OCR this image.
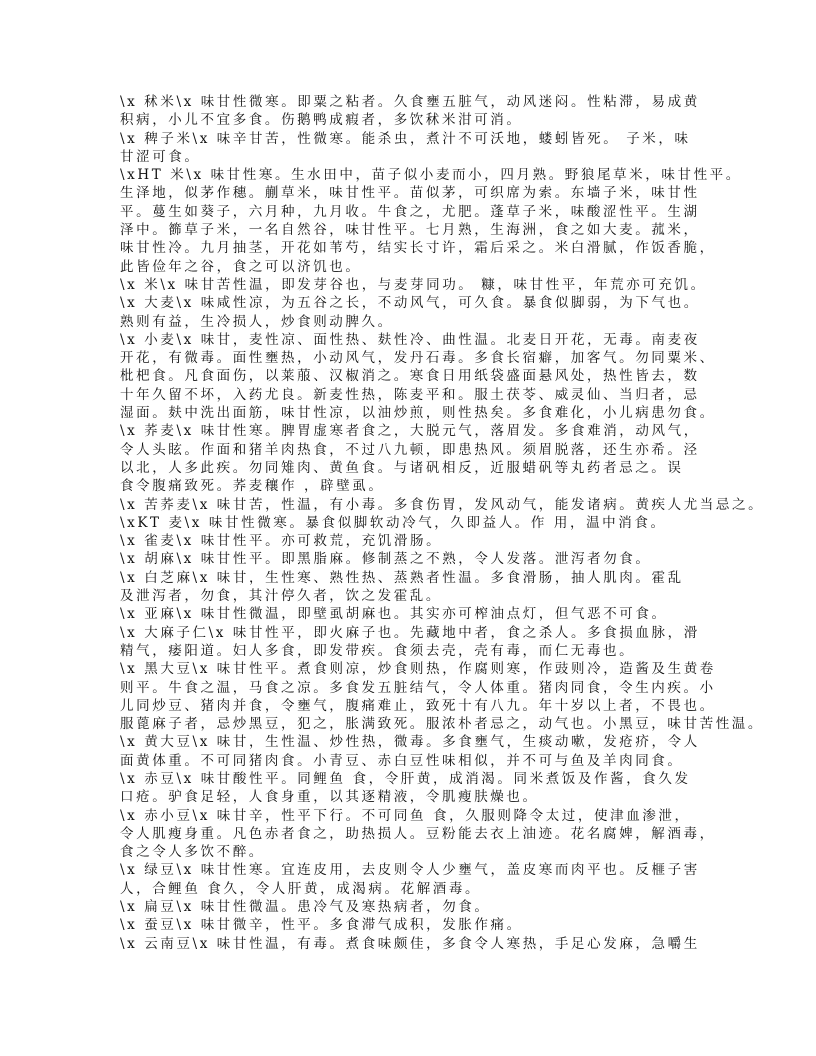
\x 秫米\x 味甘性微寒。即粟之粘者。久食壅五脏气，动风迷闷。性粘滞，易成黄
积病，小儿不宜多食。伤鹅鸭成瘕者，多饮秫米泔可消。
\x 稗子米\x 味辛甘苦，性微寒。能杀虫，煮汁不可沃地，蝼蚓皆死。 子米，味
甘涩可食。
\xHT 米\x 味甘性寒。生水田中，苗子似小麦而小，四月熟。野狼尾草米，味甘性平。
生泽地，似茅作穗。蒯草米，味甘性平。苗似茅，可织席为索。东墙子米，味甘性
平。蔓生如葵子，六月种，九月收。牛食之，尤肥。蓬草子米，味酸涩性平。生湖
泽中。籂草子米，一名自然谷，味甘性平。七月熟，生海洲，食之如大麦。菰米，
味甘性冷。九月抽茎，开花如苇芍，结实长寸许，霜后采之。米白滑腻，作饭香脆，
此皆俭年之谷，食之可以济饥也。
\x 米\x 味甘苦性温，即发芽谷也，与麦芽同功。 糠，味甘性平，年荒亦可充饥。
\x 大麦\x 味咸性凉，为五谷之长，不动风气，可久食。暴食似脚弱，为下气也。
熟则有益，生冷损人，炒食则动脾久。
\x 小麦\x 味甘，麦性凉、面性热、麸性冷、曲性温。北麦日开花，无毒。南麦夜
开花，有微毒。面性壅热，小动风气，发丹石毒。多食长宿癖，加客气。勿同粟米、
枇杷食。凡食面伤，以莱菔、汉椒消之。寒食日用纸袋盛面悬风处，热性皆去，数
十年久留不坏，入药尤良。新麦性热，陈麦平和。服土茯苓、威灵仙、当归者，忌
湿面。麸中洗出面筋，味甘性凉，以油炒煎，则性热矣。多食难化，小儿病患勿食。
\x 荞麦\x 味甘性寒。脾胃虚寒者食之，大脱元气，落眉发。多食难消，动风气，
令人头眩。作面和猪羊肉热食，不过八九顿，即患热风。须眉脱落，还生亦希。泾
以北，人多此疾。勿同雉肉、黄鱼食。与诸矾相反，近服蜡矾等丸药者忌之。误
食令腹痛致死。荞麦穰作 ，辟壁虱。
\x 苦荞麦\x 味甘苦，性温，有小毒。多食伤胃，发风动气，能发诸病。黄疾人尤当忌之。
\xKT 麦\x 味甘性微寒。暴食似脚软动冷气，久即益人。作 用，温中消食。
\x 雀麦\x 味甘性平。亦可救荒，充饥滑肠。
\x 胡麻\x 味甘性平。即黑脂麻。修制蒸之不熟，令人发落。泄泻者勿食。
\x 白芝麻\x 味甘，生性寒、熟性热、蒸熟者性温。多食滑肠，抽人肌肉。霍乱
及泄泻者，勿食，其汁停久者，饮之发霍乱。
\x 亚麻\x 味甘性微温，即壁虱胡麻也。其实亦可榨油点灯，但气恶不可食。
\x 大麻子仁\x 味甘性平，即火麻子也。先藏地中者，食之杀人。多食损血脉，滑
精气，痿阳道。妇人多食，即发带疾。食须去壳，壳有毒，而仁无毒也。
\x 黑大豆\x 味甘性平。煮食则凉，炒食则热，作腐则寒，作豉则冷，造酱及生黄卷
则平。牛食之温，马食之凉。多食发五脏结气，令人体重。猪肉同食，令生内疾。小
儿同炒豆、猪肉并食，令壅气，腹痛难止，致死十有八九。年十岁以上者，不畏也。
服蓖麻子者，忌炒黑豆，犯之，胀满致死。服浓朴者忌之，动气也。小黑豆，味甘苦性温。
\x 黄大豆\x 味甘，生性温、炒性热，微毒。多食壅气，生痰动嗽，发疮疥，令人
面黄体重。不可同猪肉食。小青豆、赤白豆性味相似，并不可与鱼及羊肉同食。
\x 赤豆\x 味甘酸性平。同鲤鱼 食，令肝黄，成消渴。同米煮饭及作酱，食久发
口疮。驴食足轻，人食身重，以其逐精液，令肌瘦肤燥也。
\x 赤小豆\x 味甘辛，性平下行。不可同鱼 食，久服则降令太过，使津血渗泄，
令人肌瘦身重。凡色赤者食之，助热损人。豆粉能去衣上油迹。花名腐婢，解酒毒，
食之令人多饮不醉。
\x 绿豆\x 味甘性寒。宜连皮用，去皮则令人少壅气，盖皮寒而肉平也。反榧子害
人，合鲤鱼 食久，令人肝黄，成渴病。花解酒毒。
\x 扁豆\x 味甘性微温。患冷气及寒热病者，勿食。
\x 蚕豆\x 味甘微辛，性平。多食滞气成积，发胀作痛。
\x 云南豆\x 味甘性温，有毒。煮食味颇佳，多食令人寒热，手足心发麻，急嚼生
